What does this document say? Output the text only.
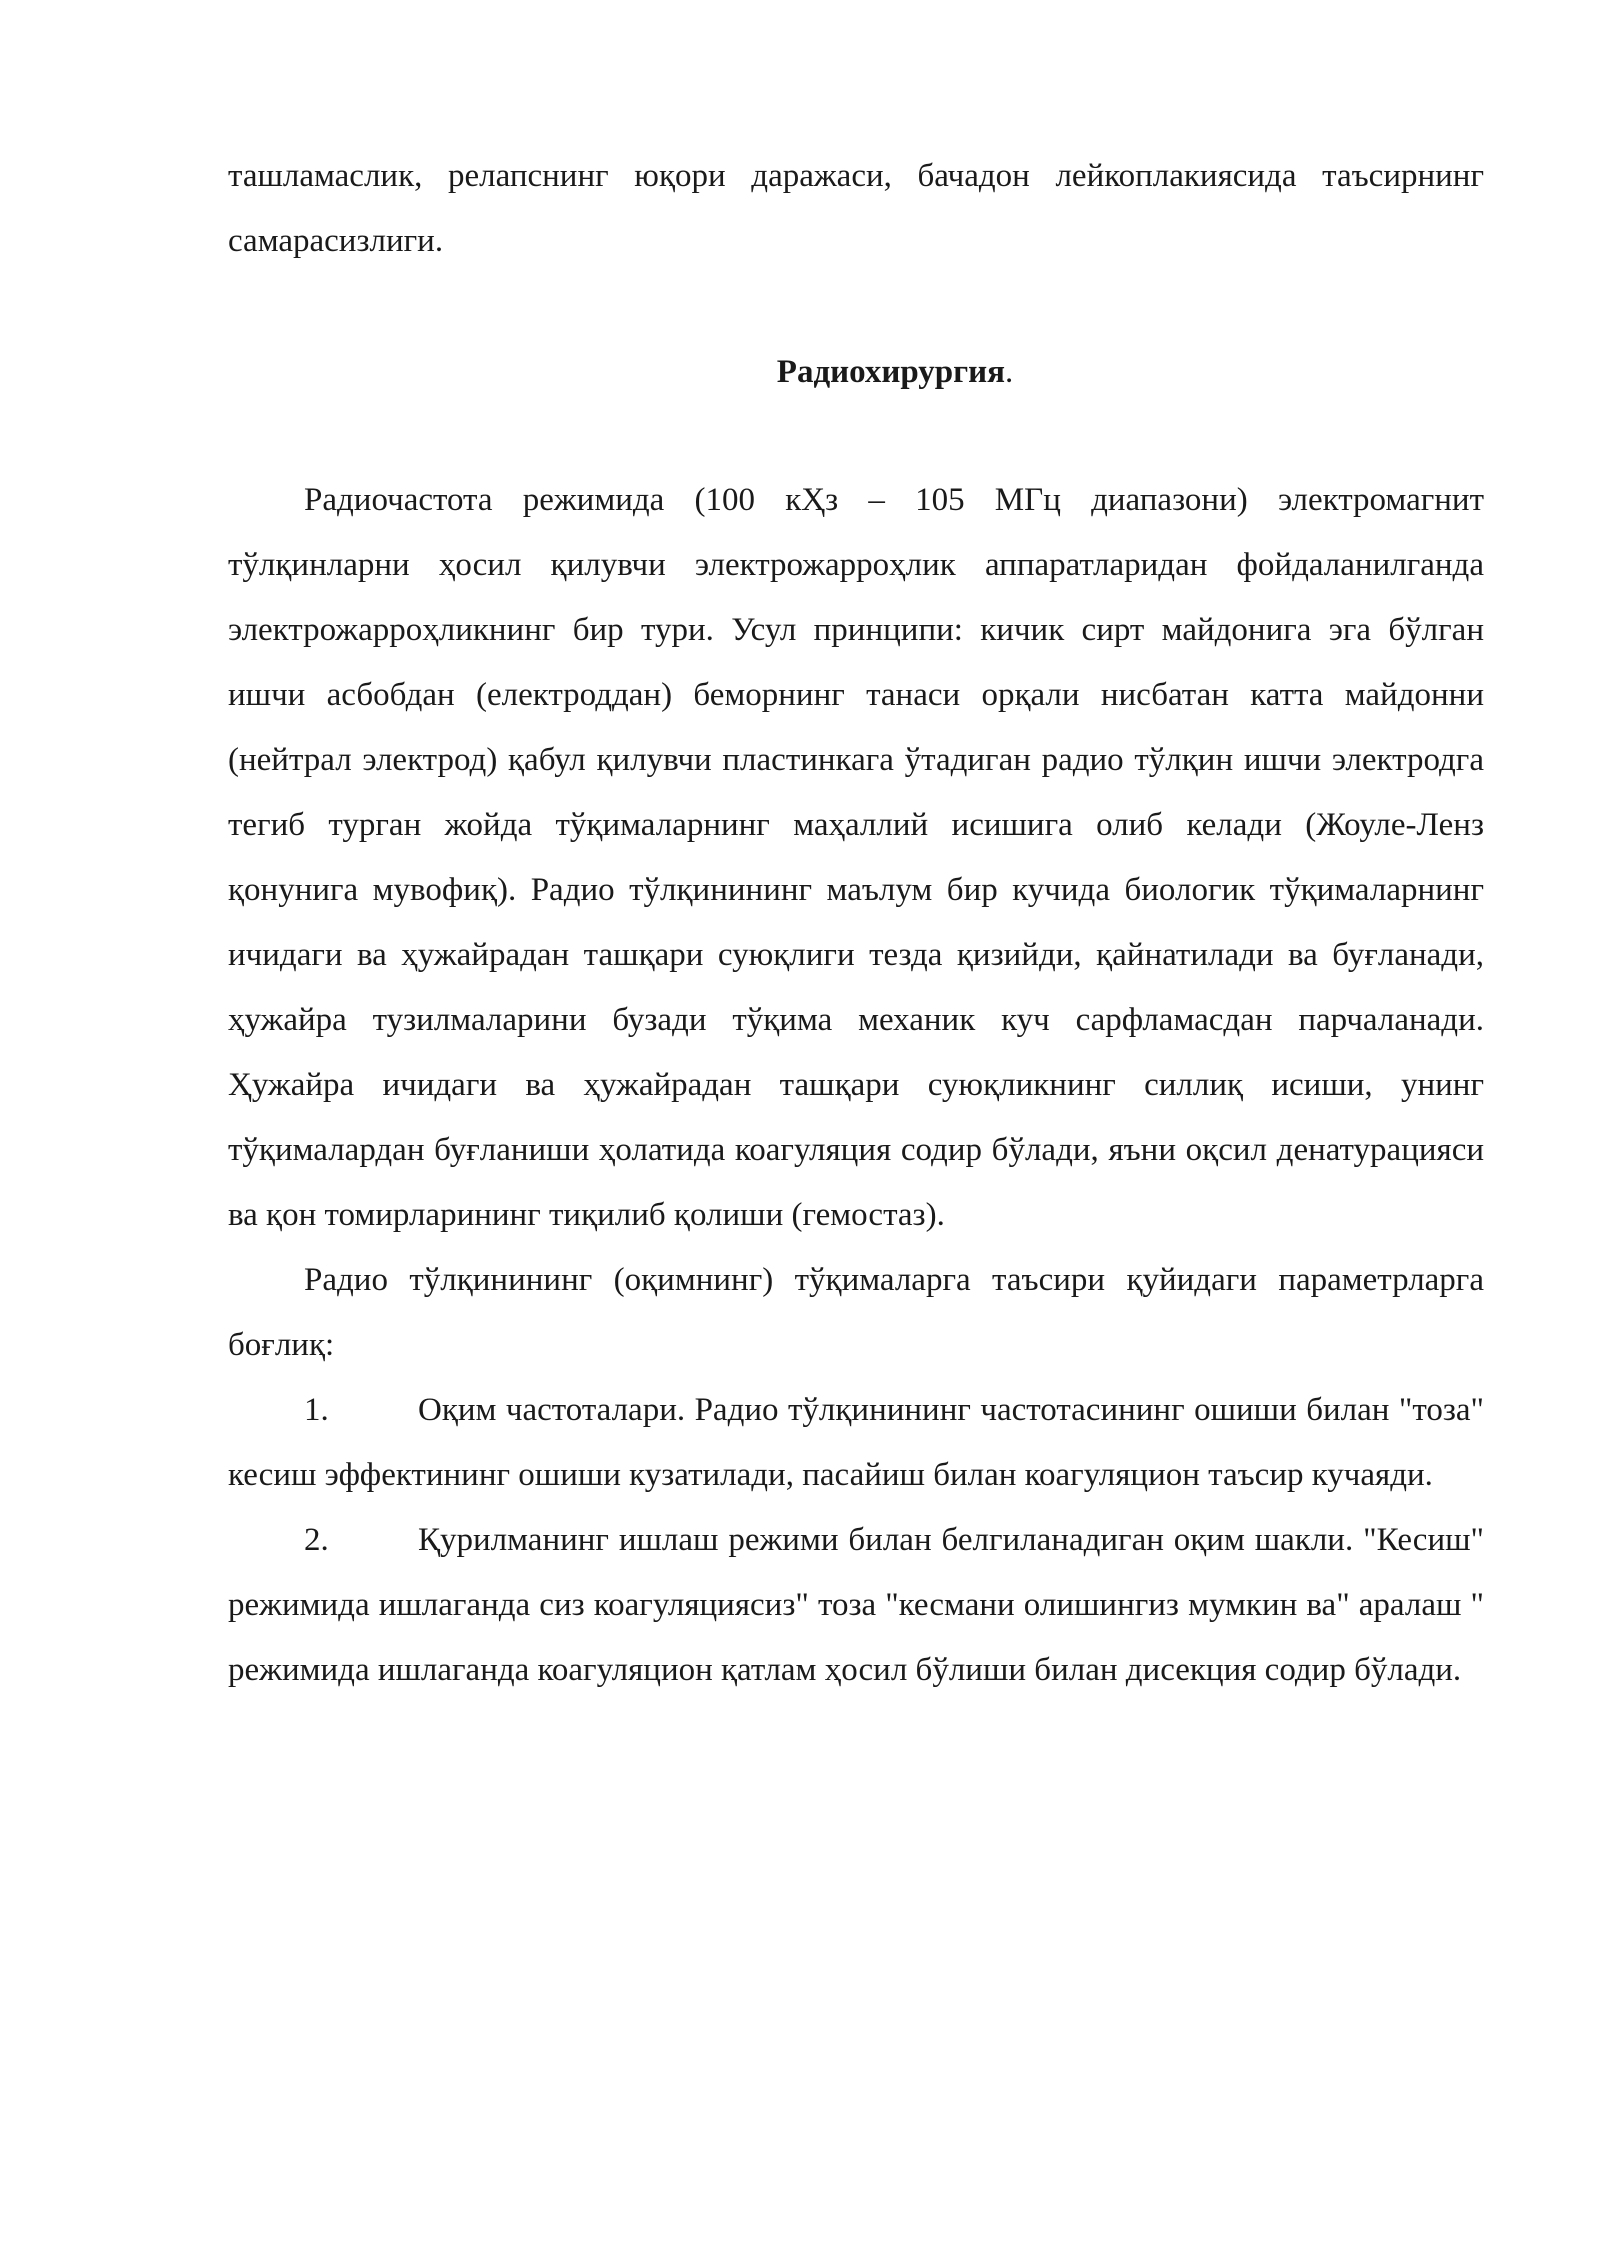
ташламаслик, релапснинг юқори даражаси, бачадон лейкоплакиясида таъсирнинг самарасизлиги.

Радиохирургия.

Радиочастота режимида (100 кҲз – 105 МГц диапазони) электромагнит тўлқинларни ҳосил қилувчи электрожарроҳлик аппаратларидан фойдаланилганда электрожарроҳликнинг бир тури. Усул принципи: кичик сирт майдонига эга бўлган ишчи асбобдан (електроддан) беморнинг танаси орқали нисбатан катта майдонни (нейтрал электрод) қабул қилувчи пластинкага ўтадиган радио тўлқин ишчи электродга тегиб турган жойда тўқималарнинг маҳаллий исишига олиб келади (Жоуле-Ленз қонунига мувофиқ). Радио тўлқинининг маълум бир кучида биологик тўқималарнинг ичидаги ва ҳужайрадан ташқари суюқлиги тезда қизийди, қайнатилади ва буғланади, ҳужайра тузилмаларини бузади тўқима механик куч сарфламасдан парчаланади. Ҳужайра ичидаги ва ҳужайрадан ташқари суюқликнинг силлиқ исиши, унинг тўқималардан буғланиши ҳолатида коагуляция содир бўлади, яъни оқсил денатурацияси ва қон томирларининг тиқилиб қолиши (гемостаз).

Радио тўлқинининг (оқимнинг) тўқималарга таъсири қуйидаги параметрларга боғлиқ:

1.	Оқим частоталари. Радио тўлқинининг частотасининг ошиши билан "тоза" кесиш эффектининг ошиши кузатилади, пасайиш билан коагуляцион таъсир кучаяди.

2.	Қурилманинг ишлаш режими билан белгиланадиган оқим шакли. "Кесиш" режимида ишлаганда сиз коагуляциясиз" тоза "кесмани олишингиз мумкин ва" аралаш " режимида ишлаганда коагуляцион қатлам ҳосил бўлиши билан дисекция содир бўлади.
